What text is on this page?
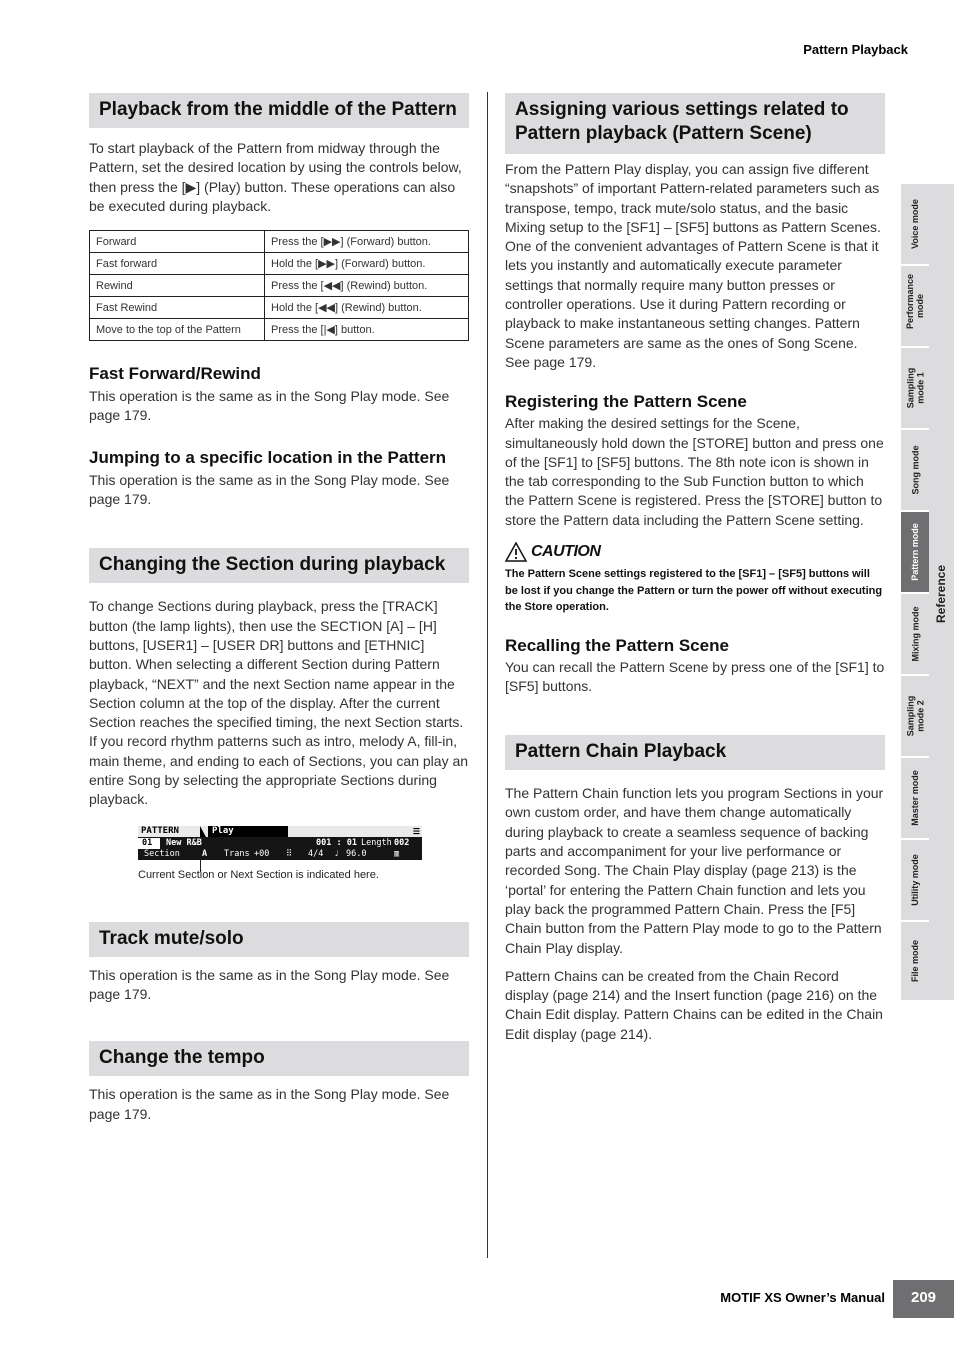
Pattern Playback
Playback from the middle of the Pattern

To start playback of the Pattern from midway through the Pattern, set the desired location by using the controls below, then press the [▶] (Play) button. These operations can also be executed during playback.

Forward	Press the [▶▶] (Forward) button.
Fast forward	Hold the [▶▶] (Forward) button.
Rewind	Press the [◀◀] (Rewind) button.
Fast Rewind	Hold the [◀◀] (Rewind) button.
Move to the top of the Pattern	Press the [|◀] button.
Fast Forward/Rewind

This operation is the same as in the Song Play mode. See page 179.

Jumping to a specific location in the Pattern

This operation is the same as in the Song Play mode. See page 179.

Changing the Section during playback

To change Sections during playback, press the [TRACK] button (the lamp lights), then use the SECTION [A] – [H] buttons, [USER1] – [USER DR] buttons and [ETHNIC] button. When selecting a different Section during Pattern playback, “NEXT” and the next Section name appear in the Section column at the top of the display. After the current Section reaches the specified timing, the next Section starts. If you record rhythm patterns such as intro, melody A, fill-in, main theme, and ending to each of Sections, you can play an entire Song by selecting the appropriate Sections during playback.

PATTERN	Play	☰
01 New R&B	001 : 01 Length 002
Section	A Trans +00 ⠿ 4/4 ♩ 96.0	▥
Current Section or Next Section is indicated here.
Track mute/solo

This operation is the same as in the Song Play mode. See page 179.

Change the tempo

This operation is the same as in the Song Play mode. See page 179.

Assigning various settings related to Pattern playback (Pattern Scene)

From the Pattern Play display, you can assign five different “snapshots” of important Pattern-related parameters such as transpose, tempo, track mute/solo status, and the basic Mixing setup to the [SF1] – [SF5] buttons as Pattern Scenes. One of the convenient advantages of Pattern Scene is that it lets you instantly and automatically execute parameter settings that normally require many button presses or controller operations. Use it during Pattern recording or playback to make instantaneous setting changes. Pattern Scene parameters are same as the ones of Song Scene. See page 179.

Registering the Pattern Scene

After making the desired settings for the Scene, simultaneously hold down the [STORE] button and press one of the [SF1] to [SF5] buttons. The 8th note icon is shown in the tab corresponding to the Sub Function button to which the Pattern Scene is registered. Press the [STORE] button to store the Pattern data including the Pattern Scene setting.

CAUTION

The Pattern Scene settings registered to the [SF1] – [SF5] buttons will be lost if you change the Pattern or turn the power off without executing the Store operation.

Recalling the Pattern Scene

You can recall the Pattern Scene by press one of the [SF1] to [SF5] buttons.

Pattern Chain Playback

The Pattern Chain function lets you program Sections in your own custom order, and have them change automatically during playback to create a seamless sequence of backing parts and accompaniment for your live performance or recorded Song. The Chain Play display (page 213) is the ‘portal’ for entering the Pattern Chain function and lets you play back the programmed Pattern Chain. Press the [F5] Chain button from the Pattern Play mode to go to the Pattern Chain Play display.

Pattern Chains can be created from the Chain Record display (page 214) and the Insert function (page 216) on the Chain Edit display. Pattern Chains can be edited in the Chain Edit display (page 214).

Reference
Voice mode
Performance mode
Sampling mode 1
Song mode
Pattern mode
Mixing mode
Sampling mode 2
Master mode
Utility mode
File mode
MOTIF XS Owner’s Manual	209
